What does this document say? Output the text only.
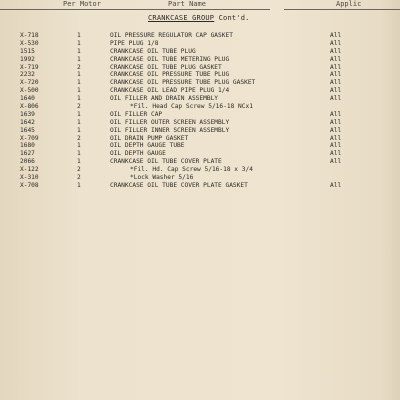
Per Motor	Part Name	Applic
CRANKCASE GROUP Cont'd.
X-718	1	OIL PRESSURE REGULATOR CAP GASKET	All
X-530	1	PIPE PLUG 1/8	All
1515	1	CRANKCASE OIL TUBE PLUG	All
1992	1	CRANKCASE OIL TUBE METERING PLUG	All
X-719	2	CRANKCASE OIL TUBE PLUG GASKET	All
2232	1	CRANKCASE OIL PRESSURE TUBE PLUG	All
X-720	1	CRANKCASE OIL PRESSURE TUBE PLUG GASKET	All
X-500	1	CRANKCASE OIL LEAD PIPE PLUG 1/4	All
1640	1	OIL FILLER AND DRAIN ASSEMBLY	All
X-806	2	*Fil. Head Cap Screw 5/16-18 NCx1
1639	1	OIL FILLER CAP	All
1642	1	OIL FILLER OUTER SCREEN ASSEMBLY	All
1645	1	OIL FILLER INNER SCREEN ASSEMBLY	All
X-709	2	OIL DRAIN PUMP GASKET	All
1680	1	OIL DEPTH GAUGE TUBE	All
1627	1	OIL DEPTH GAUGE	All
2066	1	CRANKCASE OIL TUBE COVER PLATE	All
X-122	2	*Fil. Hd. Cap Screw 5/16-18 x 3/4
X-310	2	*Lock Washer 5/16
X-708	1	CRANKCASE OIL TUBE COVER PLATE GASKET	All
